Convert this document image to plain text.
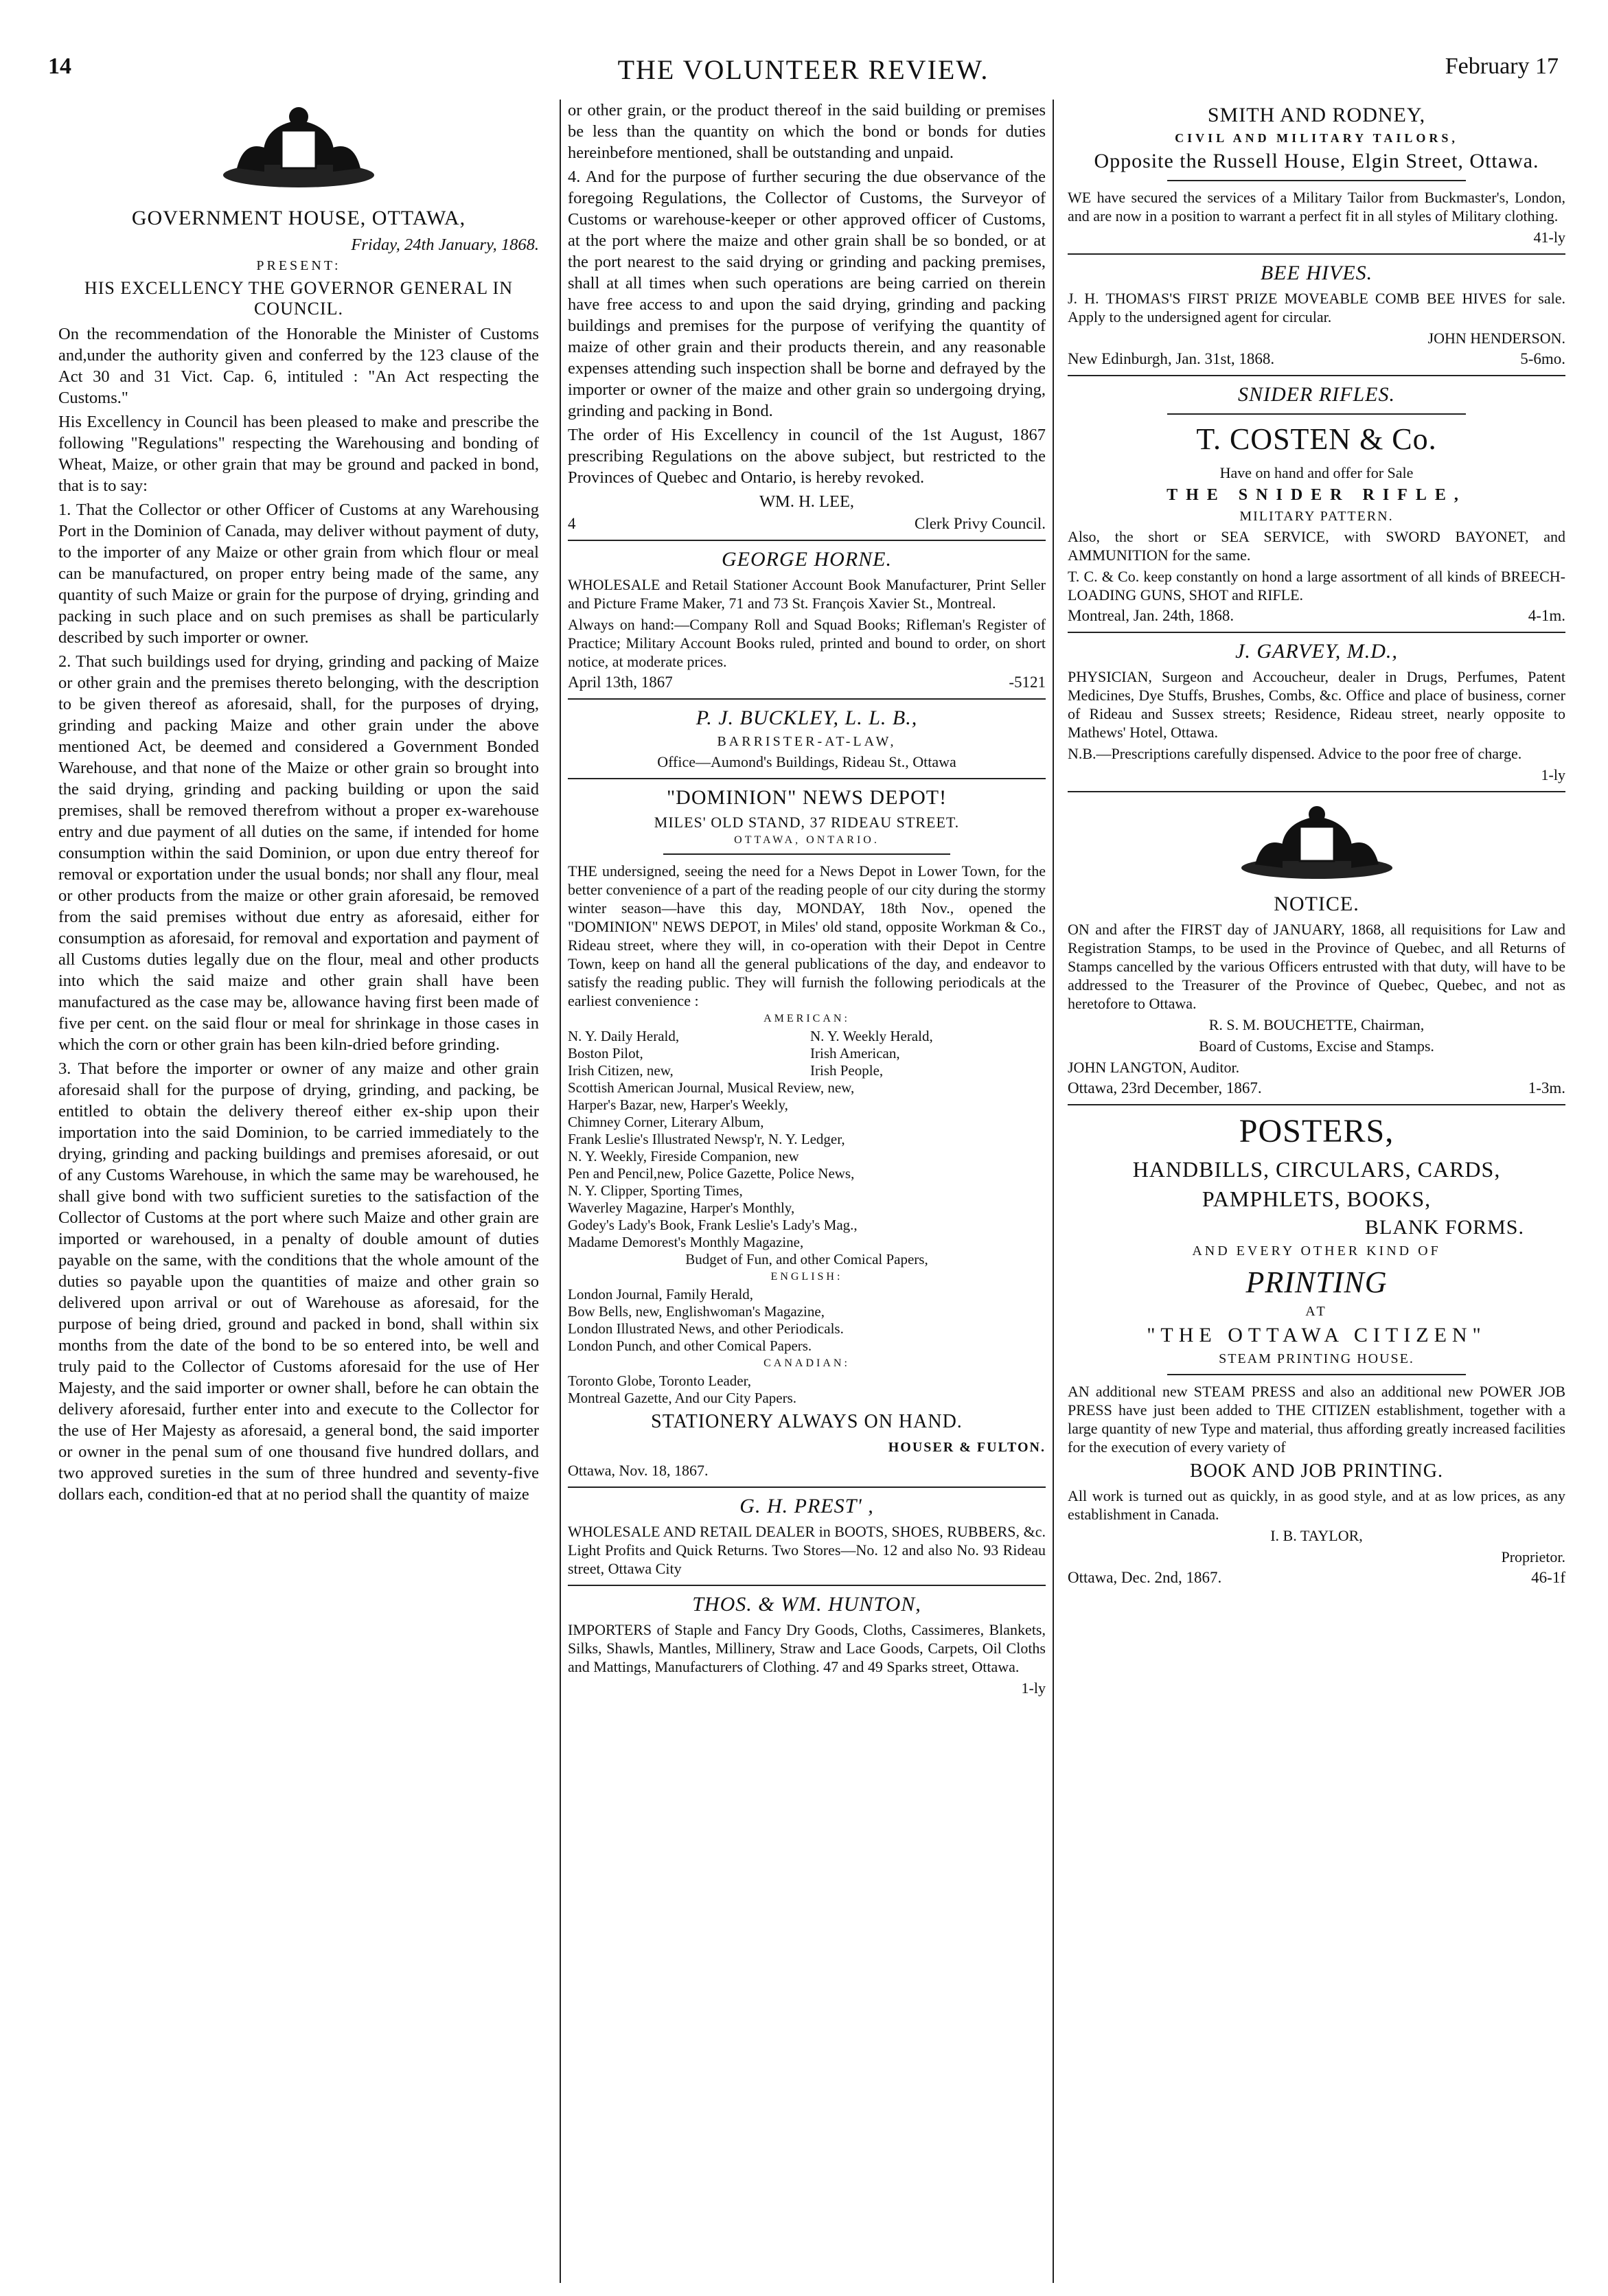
14	THE VOLUNTEER REVIEW.	February 17
GOVERNMENT HOUSE, OTTAWA,

Friday, 24th January, 1868.

PRESENT:
HIS EXCELLENCY THE GOVERNOR GENERAL IN COUNCIL.

On the recommendation of the Honorable the Minister of Customs and,under the authority given and conferred by the 123 clause of the Act 30 and 31 Vict. Cap. 6, intituled : "An Act respecting the Customs."

His Excellency in Council has been pleased to make and prescribe the following "Regulations" respecting the Warehousing and bonding of Wheat, Maize, or other grain that may be ground and packed in bond, that is to say:

1. That the Collector or other Officer of Customs at any Warehousing Port in the Dominion of Canada, may deliver without payment of duty, to the importer of any Maize or other grain from which flour or meal can be manufactured, on proper entry being made of the same, any quantity of such Maize or grain for the purpose of drying, grinding and packing in such place and on such premises as shall be particularly described by such importer or owner.

2. That such buildings used for drying, grinding and packing of Maize or other grain and the premises thereto belonging, with the description to be given thereof as aforesaid, shall, for the purposes of drying, grinding and packing Maize and other grain under the above mentioned Act, be deemed and considered a Government Bonded Warehouse, and that none of the Maize or other grain so brought into the said drying, grinding and packing building or upon the said premises, shall be removed therefrom without a proper ex-warehouse entry and due payment of all duties on the same, if intended for home consumption within the said Dominion, or upon due entry thereof for removal or exportation under the usual bonds; nor shall any flour, meal or other products from the maize or other grain aforesaid, be removed from the said premises without due entry as aforesaid, either for consumption as aforesaid, for removal and exportation and payment of all Customs duties legally due on the flour, meal and other products into which the said maize and other grain shall have been manufactured as the case may be, allowance having first been made of five per cent. on the said flour or meal for shrinkage in those cases in which the corn or other grain has been kiln-dried before grinding.

3. That before the importer or owner of any maize and other grain aforesaid shall for the purpose of drying, grinding, and packing, be entitled to obtain the delivery thereof either ex-ship upon their importation into the said Dominion, to be carried immediately to the drying, grinding and packing buildings and premises aforesaid, or out of any Customs Warehouse, in which the same may be warehoused, he shall give bond with two sufficient sureties to the satisfaction of the Collector of Customs at the port where such Maize and other grain are imported or warehoused, in a penalty of double amount of duties payable on the same, with the conditions that the whole amount of the duties so payable upon the quantities of maize and other grain so delivered upon arrival or out of Warehouse as aforesaid, for the purpose of being dried, ground and packed in bond, shall within six months from the date of the bond to be so entered into, be well and truly paid to the Collector of Customs aforesaid for the use of Her Majesty, and the said importer or owner shall, before he can obtain the delivery aforesaid, further enter into and execute to the Collector for the use of Her Majesty as aforesaid, a general bond, the said importer or owner in the penal sum of one thousand five hundred dollars, and two approved sureties in the sum of three hundred and seventy-five dollars each, condition-ed that at no period shall the quantity of maize

or other grain, or the product thereof in the said building or premises be less than the quantity on which the bond or bonds for duties hereinbefore mentioned, shall be outstanding and unpaid.

4. And for the purpose of further securing the due observance of the foregoing Regulations, the Collector of Customs, the Surveyor of Customs or warehouse-keeper or other approved officer of Customs, at the port where the maize and other grain shall be so bonded, or at the port nearest to the said drying or grinding and packing premises, shall at all times when such operations are being carried on therein have free access to and upon the said drying, grinding and packing buildings and premises for the purpose of verifying the quantity of maize of other grain and their products therein, and any reasonable expenses attending such inspection shall be borne and defrayed by the importer or owner of the maize and other grain so undergoing drying, grinding and packing in Bond.

The order of His Excellency in council of the 1st August, 1867 prescribing Regulations on the above subject, but restricted to the Provinces of Quebec and Ontario, is hereby revoked.

WM. H. LEE,

4	Clerk Privy Council.
GEORGE HORNE.

WHOLESALE and Retail Stationer Account Book Manufacturer, Print Seller and Picture Frame Maker, 71 and 73 St. François Xavier St., Montreal.

Always on hand:—Company Roll and Squad Books; Rifleman's Register of Practice; Military Account Books ruled, printed and bound to order, on short notice, at moderate prices.

April 13th, 1867	-5121
P. J. BUCKLEY, L. L. B.,
BARRISTER-AT-LAW,

Office—Aumond's Buildings, Rideau St., Ottawa

"DOMINION" NEWS DEPOT!
MILES' OLD STAND, 37 RIDEAU STREET.
OTTAWA, ONTARIO.

THE undersigned, seeing the need for a News Depot in Lower Town, for the better convenience of a part of the reading people of our city during the stormy winter season—have this day, MONDAY, 18th Nov., opened the "DOMINION" NEWS DEPOT, in Miles' old stand, opposite Workman & Co., Rideau street, where they will, in co-operation with their Depot in Centre Town, keep on hand all the general publications of the day, and endeavor to satisfy the reading public. They will furnish the following periodicals at the earliest convenience :

AMERICAN:
N. Y. Daily Herald,	N. Y. Weekly Herald,
Boston Pilot,	Irish American,
Irish Citizen, new,	Irish People,
Scottish American Journal, Musical Review, new,
Harper's Bazar, new, Harper's Weekly,
Chimney Corner, Literary Album,
Frank Leslie's Illustrated Newsp'r, N. Y. Ledger,
N. Y. Weekly, Fireside Companion, new
Pen and Pencil,new, Police Gazette, Police News,
N. Y. Clipper, Sporting Times,
Waverley Magazine, Harper's Monthly,
Godey's Lady's Book, Frank Leslie's Lady's Mag.,
Madame Demorest's Monthly Magazine,
Budget of Fun, and other Comical Papers,
ENGLISH:
London Journal, Family Herald,
Bow Bells, new, Englishwoman's Magazine,
London Illustrated News, and other Periodicals.
London Punch, and other Comical Papers.
CANADIAN:
Toronto Globe, Toronto Leader,
Montreal Gazette, And our City Papers.
STATIONERY ALWAYS ON HAND.

HOUSER & FULTON.

Ottawa, Nov. 18, 1867.

G. H. PREST' ,

WHOLESALE AND RETAIL DEALER in BOOTS, SHOES, RUBBERS, &c. Light Profits and Quick Returns. Two Stores—No. 12 and also No. 93 Rideau street, Ottawa City

THOS. & WM. HUNTON,

IMPORTERS of Staple and Fancy Dry Goods, Cloths, Cassimeres, Blankets, Silks, Shawls, Mantles, Millinery, Straw and Lace Goods, Carpets, Oil Cloths and Mattings, Manufacturers of Clothing. 47 and 49 Sparks street, Ottawa.

1-ly

SMITH AND RODNEY,
CIVIL AND MILITARY TAILORS,
Opposite the Russell House, Elgin Street, Ottawa.

WE have secured the services of a Military Tailor from Buckmaster's, London, and are now in a position to warrant a perfect fit in all styles of Military clothing.

41-ly

BEE HIVES.

J. H. THOMAS'S FIRST PRIZE MOVEABLE COMB BEE HIVES for sale. Apply to the undersigned agent for circular.

JOHN HENDERSON.

New Edinburgh, Jan. 31st, 1868.	5-6mo.
SNIDER RIFLES.
T. COSTEN & Co.

Have on hand and offer for Sale

THE SNIDER RIFLE,
MILITARY PATTERN.

Also, the short or SEA SERVICE, with SWORD BAYONET, and AMMUNITION for the same.

T. C. & Co. keep constantly on hond a large assortment of all kinds of BREECH-LOADING GUNS, SHOT and RIFLE.

Montreal, Jan. 24th, 1868.	4-1m.
J. GARVEY, M.D.,

PHYSICIAN, Surgeon and Accoucheur, dealer in Drugs, Perfumes, Patent Medicines, Dye Stuffs, Brushes, Combs, &c. Office and place of business, corner of Rideau and Sussex streets; Residence, Rideau street, nearly opposite to Mathews' Hotel, Ottawa.

N.B.—Prescriptions carefully dispensed. Advice to the poor free of charge.

1-ly

NOTICE.

ON and after the FIRST day of JANUARY, 1868, all requisitions for Law and Registration Stamps, to be used in the Province of Quebec, and all Returns of Stamps cancelled by the various Officers entrusted with that duty, will have to be addressed to the Treasurer of the Province of Quebec, Quebec, and not as heretofore to Ottawa.

R. S. M. BOUCHETTE, Chairman,

Board of Customs, Excise and Stamps.

JOHN LANGTON, Auditor.

Ottawa, 23rd December, 1867.	1-3m.
POSTERS,
HANDBILLS, CIRCULARS, CARDS,
PAMPHLETS, BOOKS,
BLANK FORMS.
AND EVERY OTHER KIND OF
PRINTING
AT
"THE OTTAWA CITIZEN"
STEAM PRINTING HOUSE.

AN additional new STEAM PRESS and also an additional new POWER JOB PRESS have just been added to THE CITIZEN establishment, together with a large quantity of new Type and material, thus affording greatly increased facilities for the execution of every variety of

BOOK AND JOB PRINTING.

All work is turned out as quickly, in as good style, and at as low prices, as any establishment in Canada.

I. B. TAYLOR,

Proprietor.

Ottawa, Dec. 2nd, 1867.	46-1f
